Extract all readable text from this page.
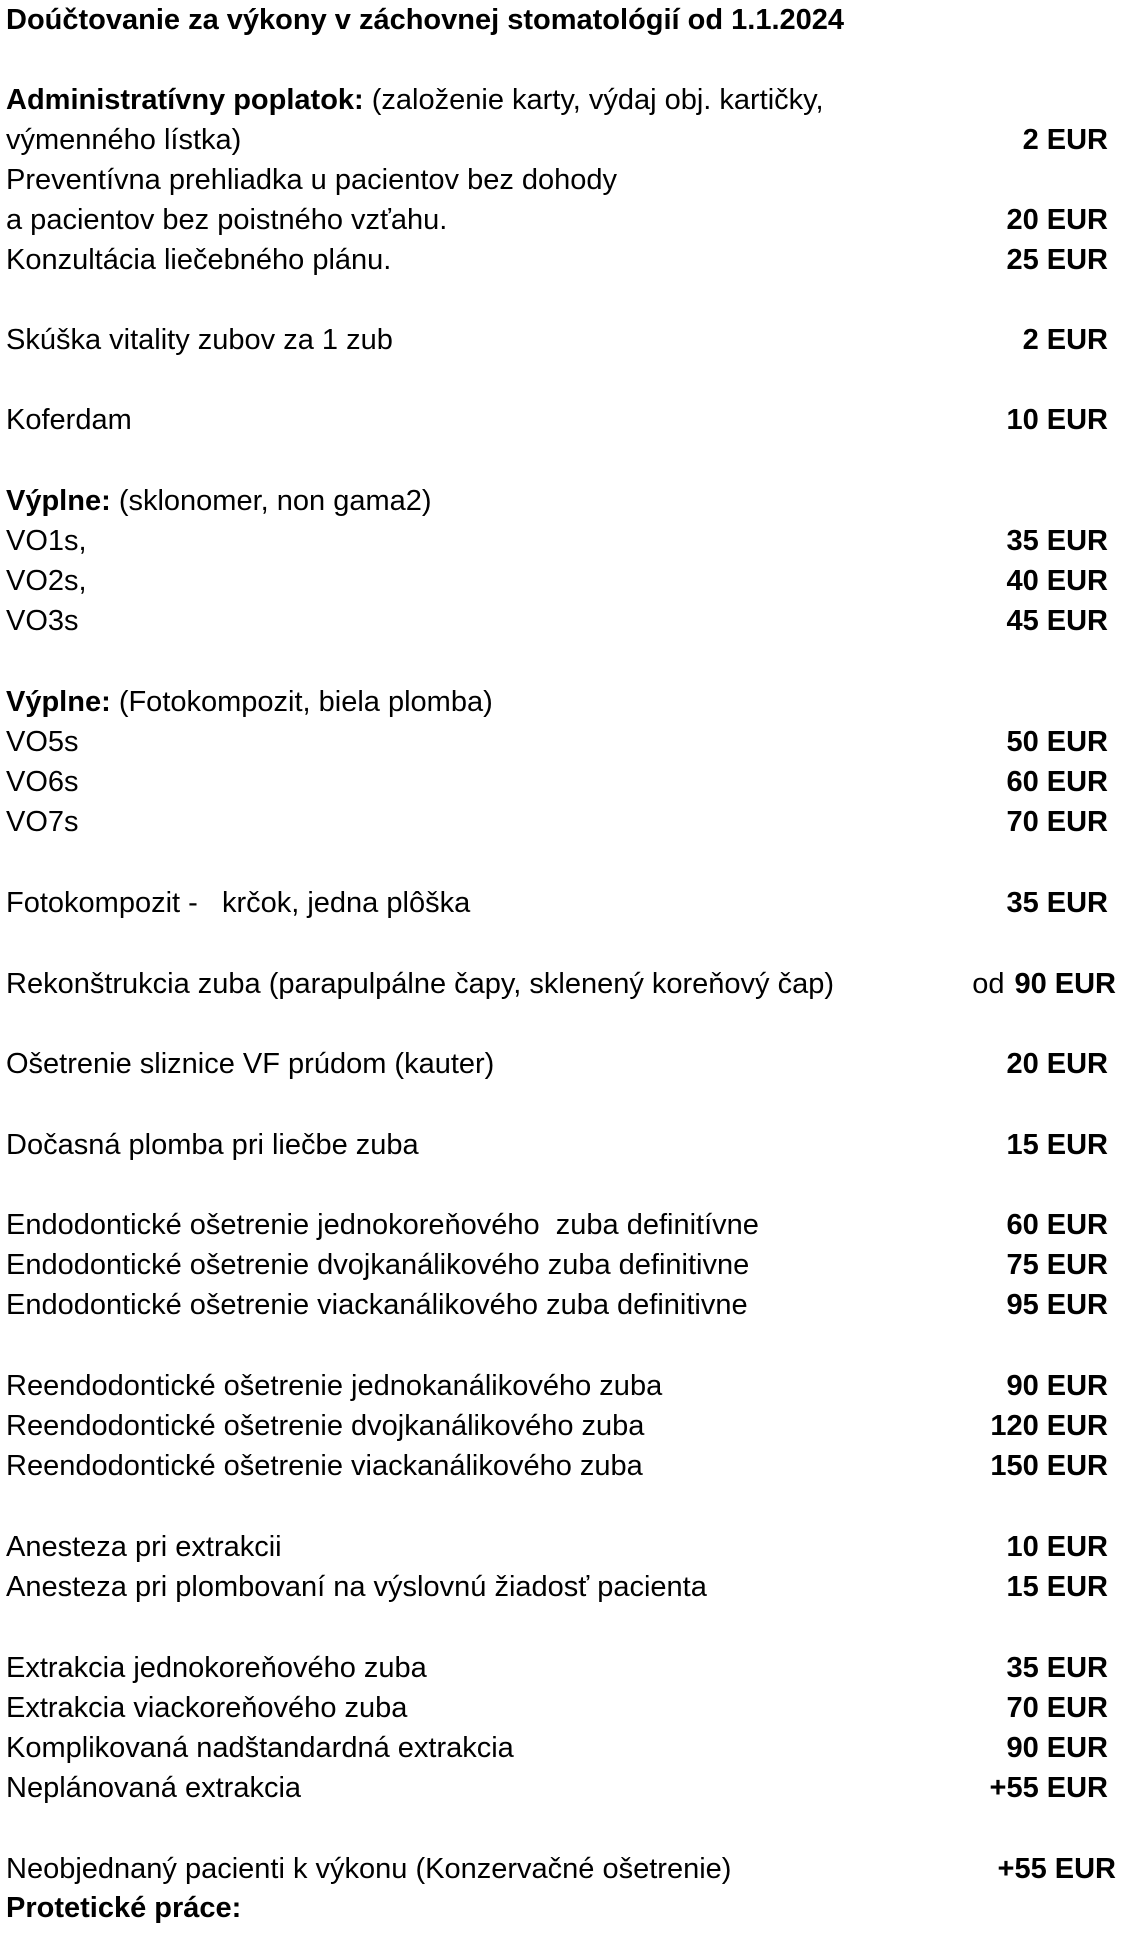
Doúčtovanie za výkony v záchovnej stomatológií od 1.1.2024
Administratívny poplatok: (založenie karty, výdaj obj. kartičky,
výmenného lístka)	2 EUR
Preventívna prehliadka u pacientov bez dohody
a pacientov bez poistného vzťahu.	20 EUR
Konzultácia liečebného plánu.	25 EUR
Skúška vitality zubov za 1 zub	2 EUR
Koferdam	10 EUR
Výplne: (sklonomer, non gama2)
VO1s,	35 EUR
VO2s,	40 EUR
VO3s	45 EUR
Výplne: (Fotokompozit, biela plomba)
VO5s	50 EUR
VO6s	60 EUR
VO7s	70 EUR
Fotokompozit -   krčok, jedna plôška	35 EUR
Rekonštrukcia zuba (parapulpálne čapy, sklenený koreňový čap)	od 90 EUR
Ošetrenie sliznice VF prúdom (kauter)	20 EUR
Dočasná plomba pri liečbe zuba	15 EUR
Endodontické ošetrenie jednokoreňového  zuba definitívne	60 EUR
Endodontické ošetrenie dvojkanálikového zuba definitivne	75 EUR
Endodontické ošetrenie viackanálikového zuba definitivne	95 EUR
Reendodontické ošetrenie jednokanálikového zuba	90 EUR
Reendodontické ošetrenie dvojkanálikového zuba	120 EUR
Reendodontické ošetrenie viackanálikového zuba	150 EUR
Anesteza pri extrakcii	10 EUR
Anesteza pri plombovaní na výslovnú žiadosť pacienta	15 EUR
Extrakcia jednokoreňového zuba	35 EUR
Extrakcia viackoreňového zuba	70 EUR
Komplikovaná nadštandardná extrakcia	90 EUR
Neplánovaná extrakcia	+55 EUR
Neobjednaný pacienti k výkonu (Konzervačné ošetrenie)	+55 EUR
Protetické práce:
